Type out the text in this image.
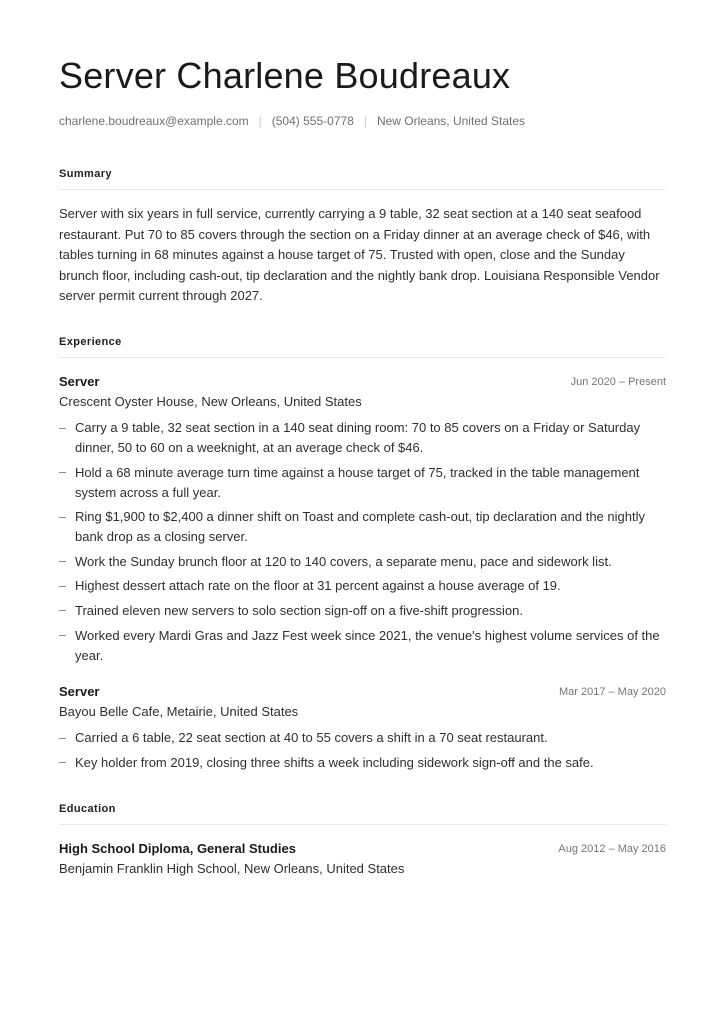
Server Charlene Boudreaux
charlene.boudreaux@example.com | (504) 555-0778 | New Orleans, United States
Summary
Server with six years in full service, currently carrying a 9 table, 32 seat section at a 140 seat seafood restaurant. Put 70 to 85 covers through the section on a Friday dinner at an average check of $46, with tables turning in 68 minutes against a house target of 75. Trusted with open, close and the Sunday brunch floor, including cash-out, tip declaration and the nightly bank drop. Louisiana Responsible Vendor server permit current through 2027.
Experience
Server	Jun 2020 – Present
Crescent Oyster House, New Orleans, United States
Carry a 9 table, 32 seat section in a 140 seat dining room: 70 to 85 covers on a Friday or Saturday dinner, 50 to 60 on a weeknight, at an average check of $46.
Hold a 68 minute average turn time against a house target of 75, tracked in the table management system across a full year.
Ring $1,900 to $2,400 a dinner shift on Toast and complete cash-out, tip declaration and the nightly bank drop as a closing server.
Work the Sunday brunch floor at 120 to 140 covers, a separate menu, pace and sidework list.
Highest dessert attach rate on the floor at 31 percent against a house average of 19.
Trained eleven new servers to solo section sign-off on a five-shift progression.
Worked every Mardi Gras and Jazz Fest week since 2021, the venue's highest volume services of the year.
Server	Mar 2017 – May 2020
Bayou Belle Cafe, Metairie, United States
Carried a 6 table, 22 seat section at 40 to 55 covers a shift in a 70 seat restaurant.
Key holder from 2019, closing three shifts a week including sidework sign-off and the safe.
Education
High School Diploma, General Studies	Aug 2012 – May 2016
Benjamin Franklin High School, New Orleans, United States
